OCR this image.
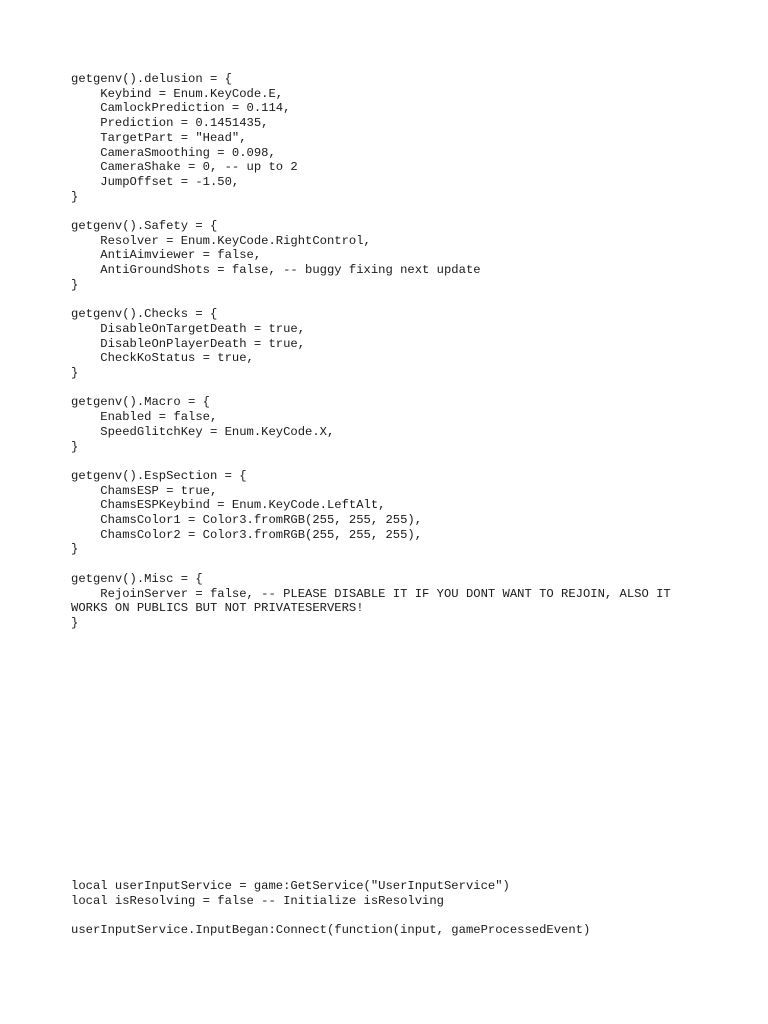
getgenv().delusion = {
Keybind = Enum.KeyCode.E,
CamlockPrediction = 0.114,
Prediction = 0.1451435,
TargetPart = "Head",
CameraSmoothing = 0.098,
CameraShake = 0, -- up to 2
JumpOffset = -1.50,
}
getgenv().Safety = {
Resolver = Enum.KeyCode.RightControl,
AntiAimviewer = false,
AntiGroundShots = false, -- buggy fixing next update
}
getgenv().Checks = {
DisableOnTargetDeath = true,
DisableOnPlayerDeath = true,
CheckKoStatus = true,
}
getgenv().Macro = {
Enabled = false,
SpeedGlitchKey = Enum.KeyCode.X,
}
getgenv().EspSection = {
ChamsESP = true,
ChamsESPKeybind = Enum.KeyCode.LeftAlt,
ChamsColor1 = Color3.fromRGB(255, 255, 255),
ChamsColor2 = Color3.fromRGB(255, 255, 255),
}
getgenv().Misc = {
RejoinServer = false, -- PLEASE DISABLE IT IF YOU DONT WANT TO REJOIN, ALSO IT
WORKS ON PUBLICS BUT NOT PRIVATESERVERS!
}
local userInputService = game:GetService("UserInputService")
local isResolving = false -- Initialize isResolving
userInputService.InputBegan:Connect(function(input, gameProcessedEvent)
